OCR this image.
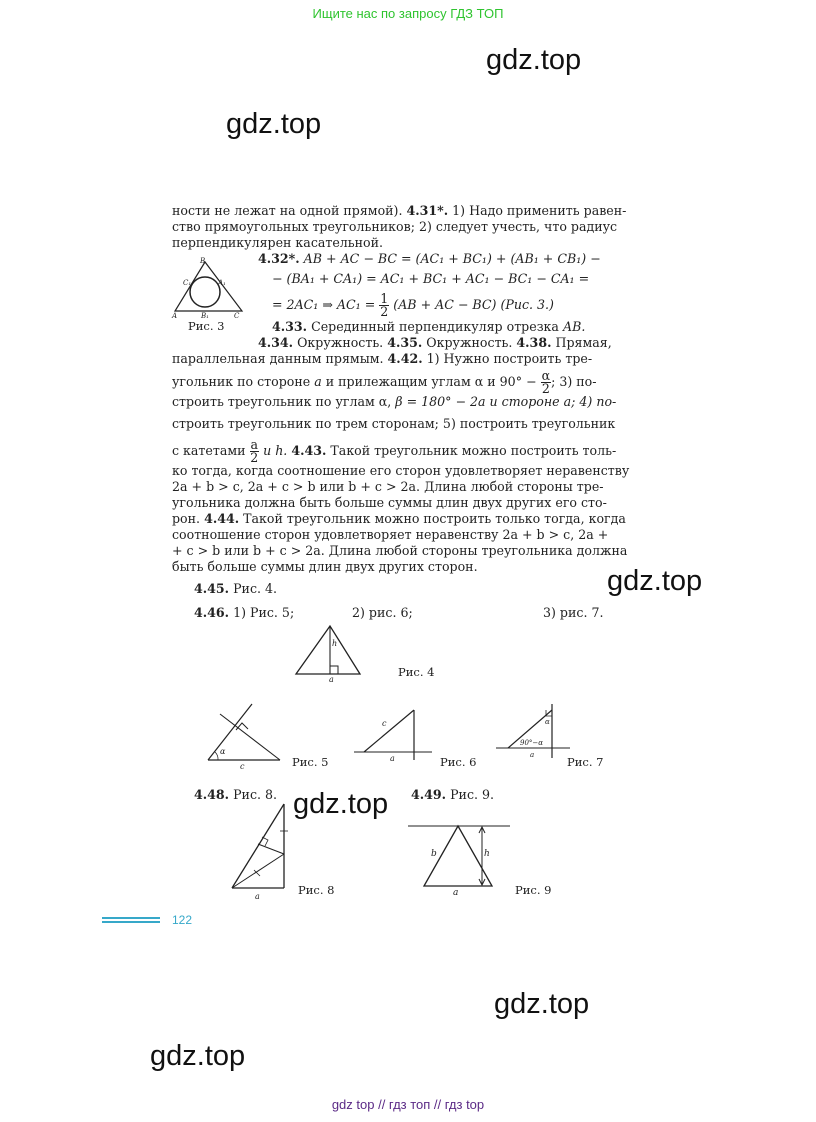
Ищите нас по запросу ГДЗ ТОП
gdz.top
gdz.top
gdz.top
gdz.top
gdz.top
gdz.top
ности не лежат на одной прямой). 4.31*. 1) Надо применить равен-
ство прямоугольных треугольников; 2) следует учесть, что радиус
перпендикулярен касательной.
4.32*. AB + AC − BC = (AC₁ + BC₁) + (AB₁ + CB₁) −
− (BA₁ + CA₁) = AC₁ + BC₁ + AC₁ − BC₁ − CA₁ =
= 2AC₁ ⇒ $AC_1 = \frac{1}{2} (AB$ + AC − BC) (Рис. 3.)
4.33. Серединный перпендикуляр отрезка AB.
4.34. Окружность. 4.35. Окружность. 4.38. Прямая,
параллельная данным прямым. 4.42. 1) Нужно построить тре-
угольник по стороне a и прилежащим углам α и $90^\circ - \frac{\alpha}{2}$ ; 3) по-
строить треугольник по углам α, β = 180° − 2a и стороне a; 4) по-
строить треугольник по трем сторонам; 5) построить треугольник
с катетами $\frac{a}{2}$ и h. 4.43. Такой треугольник можно построить толь-
ко тогда, когда соотношение его сторон удовлетворяет неравенству
2a + b > c, 2a + c > b или b + c > 2a. Длина любой стороны тре-
угольника должна быть больше суммы длин двух других его сто-
рон. 4.44. Такой треугольник можно построить только тогда, когда
соотношение сторон удовлетворяет неравенству 2a + b > c, 2a +
+ c > b или b + c > 2a. Длина любой стороны треугольника должна
быть больше суммы длин двух других сторон.
4.45. Рис. 4.
4.46. 1) Рис. 5;	2) рис. 6;	3) рис. 7.
4.48. Рис. 8.	4.49. Рис. 9.
B
C₁	A₁
A	B₁	C
Рис. 3
h
a
Рис. 4
α
c	Рис. 5
c
a	Рис. 6
α
90°−α
a	Рис. 7
a	Рис. 8
b	h
a	Рис. 9
122
gdz top // гдз топ // гдз top
